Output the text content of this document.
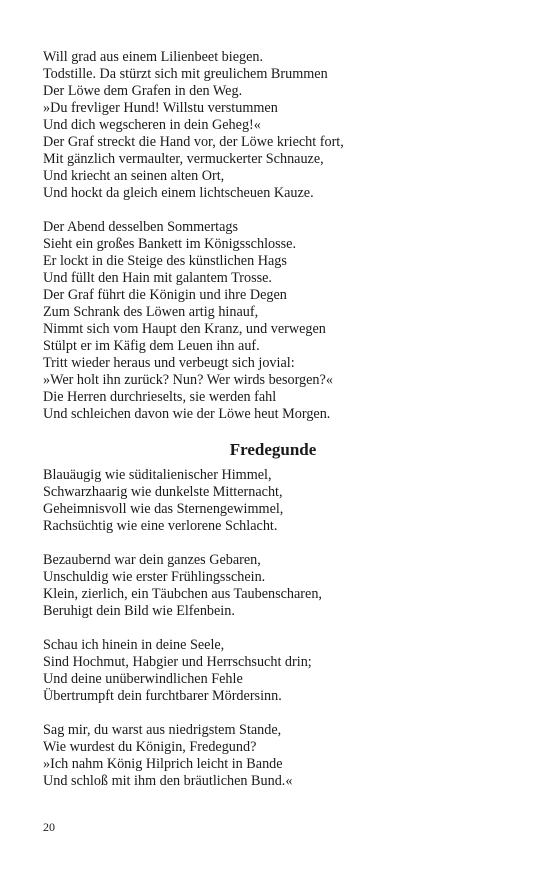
Will grad aus einem Lilienbeet biegen.
Todstille. Da stürzt sich mit greulichem Brummen
Der Löwe dem Grafen in den Weg.
»Du frevliger Hund! Willstu verstummen
Und dich wegscheren in dein Geheg!«
Der Graf streckt die Hand vor, der Löwe kriecht fort,
Mit gänzlich vermaulter, vermuckerter Schnauze,
Und kriecht an seinen alten Ort,
Und hockt da gleich einem lichtscheuen Kauze.
Der Abend desselben Sommertags
Sieht ein großes Bankett im Königsschlosse.
Er lockt in die Steige des künstlichen Hags
Und füllt den Hain mit galantem Trosse.
Der Graf führt die Königin und ihre Degen
Zum Schrank des Löwen artig hinauf,
Nimmt sich vom Haupt den Kranz, und verwegen
Stülpt er im Käfig dem Leuen ihn auf.
Tritt wieder heraus und verbeugt sich jovial:
»Wer holt ihn zurück? Nun? Wer wirds besorgen?«
Die Herren durchrieselts, sie werden fahl
Und schleichen davon wie der Löwe heut Morgen.
Fredegunde
Blauäugig wie süditalienischer Himmel,
Schwarzhaarig wie dunkelste Mitternacht,
Geheimnisvoll wie das Sternengewimmel,
Rachsüchtig wie eine verlorene Schlacht.
Bezaubernd war dein ganzes Gebaren,
Unschuldig wie erster Frühlingsschein.
Klein, zierlich, ein Täubchen aus Taubenscharen,
Beruhigt dein Bild wie Elfenbein.
Schau ich hinein in deine Seele,
Sind Hochmut, Habgier und Herrschsucht drin;
Und deine unüberwindlichen Fehle
Übertrumpft dein furchtbarer Mördersinn.
Sag mir, du warst aus niedrigstem Stande,
Wie wurdest du Königin, Fredegund?
»Ich nahm König Hilprich leicht in Bande
Und schloß mit ihm den bräutlichen Bund.«
20
